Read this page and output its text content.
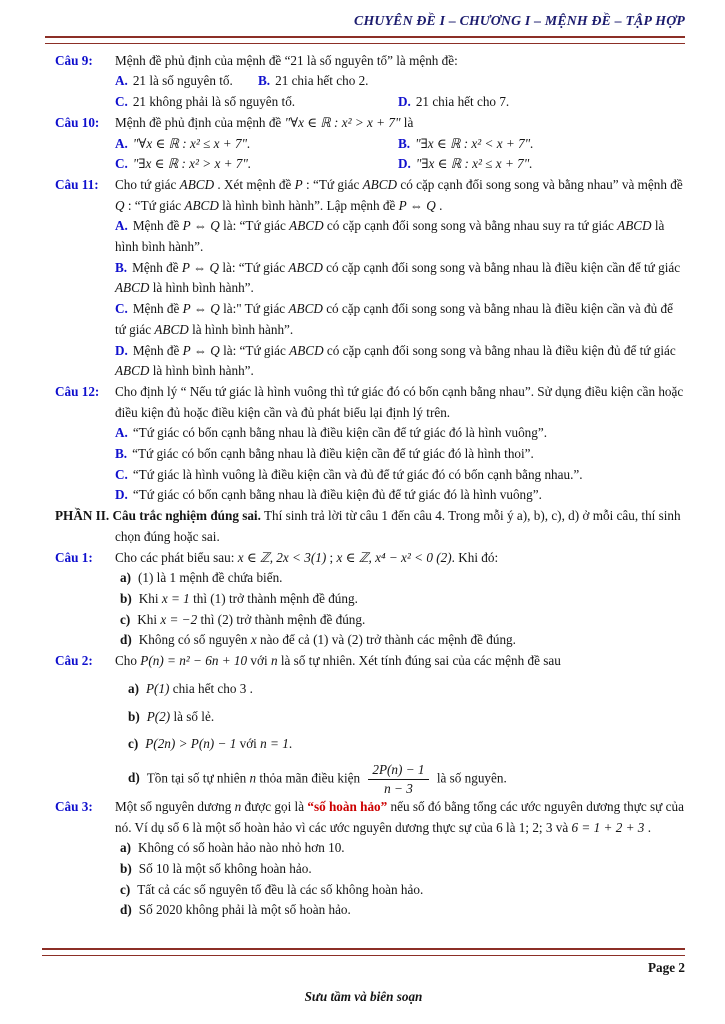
CHUYÊN ĐỀ I – CHƯƠNG I – MỆNH ĐỀ – TẬP HỢP
Câu 9:	Mệnh đề phủ định của mệnh đề “21 là số nguyên tố” là mệnh đề:

A. 21 là số nguyên tố.	B. 21 chia hết cho 2.
C. 21 không phải là số nguyên tố.	D. 21 chia hết cho 7.
Câu 10:	Mệnh đề phủ định của mệnh đề "∀x ∈ ℝ : x² > x + 7" là

A. "∀x ∈ ℝ : x² ≤ x + 7".	B. "∃x ∈ ℝ : x² < x + 7".
C. "∃x ∈ ℝ : x² > x + 7".	D. "∃x ∈ ℝ : x² ≤ x + 7".
Câu 11:	Cho tứ giác ABCD . Xét mệnh đề P : “Tứ giác ABCD có cặp cạnh đối song song và bằng nhau” và mệnh đề Q : “Tứ giác ABCD là hình bình hành”. Lập mệnh đề P ⇔ Q .

A. Mệnh đề P ⇔ Q là: “Tứ giác ABCD có cặp cạnh đối song song và bằng nhau suy ra tứ giác ABCD là hình bình hành”.

B. Mệnh đề P ⇔ Q là: “Tứ giác ABCD có cặp cạnh đối song song và bằng nhau là điều kiện cần để tứ giác ABCD là hình bình hành”.

C. Mệnh đề P ⇔ Q là:" Tứ giác ABCD có cặp cạnh đối song song và bằng nhau là điều kiện cần và đủ để tứ giác ABCD là hình bình hành”.

D. Mệnh đề P ⇔ Q là: “Tứ giác ABCD có cặp cạnh đối song song và bằng nhau là điều kiện đủ để tứ giác ABCD là hình bình hành”.

Câu 12:	Cho định lý “ Nếu tứ giác là hình vuông thì tứ giác đó có bốn cạnh bằng nhau”. Sử dụng điều kiện cần hoặc điều kiện đủ hoặc điều kiện cần và đủ phát biểu lại định lý trên.

A. “Tứ giác có bốn cạnh bằng nhau là điều kiện cần để tứ giác đó là hình vuông”.

B. “Tứ giác có bốn cạnh bằng nhau là điều kiện cần để tứ giác đó là hình thoi”.

C. “Tứ giác là hình vuông là điều kiện cần và đủ để tứ giác đó có bốn cạnh bằng nhau.”.

D. “Tứ giác có bốn cạnh bằng nhau là điều kiện đủ để tứ giác đó là hình vuông”.

PHẦN II. Câu trắc nghiệm đúng sai. Thí sinh trả lời từ câu 1 đến câu 4. Trong mỗi ý a), b), c), d) ở mỗi câu, thí sinh chọn đúng hoặc sai.

Câu 1:	Cho các phát biểu sau: x ∈ ℤ, 2x < 3(1) ; x ∈ ℤ, x⁴ − x² < 0 (2). Khi đó:

a) (1) là 1 mệnh đề chứa biến.

b) Khi x = 1 thì (1) trở thành mệnh đề đúng.

c) Khi x = −2 thì (2) trở thành mệnh đề đúng.

d) Không có số nguyên x nào để cả (1) và (2) trở thành các mệnh đề đúng.

Câu 2:	Cho P(n) = n² − 6n + 10 với n là số tự nhiên. Xét tính đúng sai của các mệnh đề sau

a) P(1) chia hết cho 3 .

b) P(2) là số lẻ.

c) P(2n) > P(n) − 1 với n = 1.

d) Tồn tại số tự nhiên n thỏa mãn điều kiện $\frac{2P(n) - 1}{n - 3}$ là số nguyên.

Câu 3:	Một số nguyên dương n được gọi là “số hoàn hảo” nếu số đó bằng tổng các ước nguyên dương thực sự của nó. Ví dụ số 6 là một số hoàn hảo vì các ước nguyên dương thực sự của 6 là 1; 2; 3 và 6 = 1 + 2 + 3 .

a) Không có số hoàn hảo nào nhỏ hơn 10.

b) Số 10 là một số không hoàn hảo.

c) Tất cả các số nguyên tố đều là các số không hoàn hảo.

d) Số 2020 không phải là một số hoàn hảo.

Page 2
Sưu tầm và biên soạn
